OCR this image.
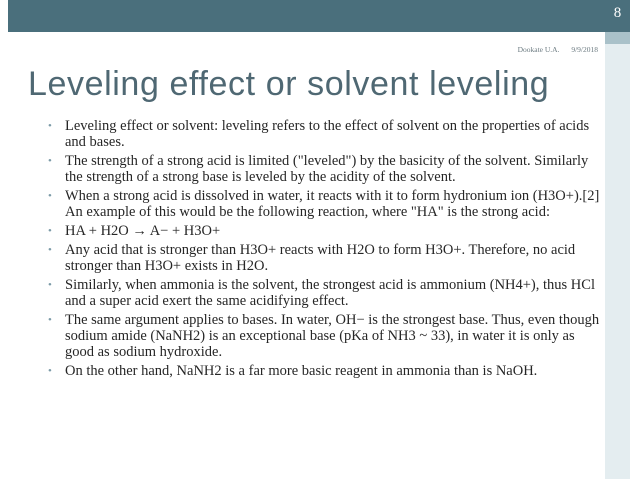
8
Dookate U.A. 9/9/2018
Leveling effect or solvent leveling
• Leveling effect or solvent: leveling refers to the effect of solvent on the properties of acids and bases.
• The strength of a strong acid is limited ("leveled") by the basicity of the solvent. Similarly the strength of a strong base is leveled by the acidity of the solvent.
• When a strong acid is dissolved in water, it reacts with it to form hydronium ion (H3O+).[2] An example of this would be the following reaction, where "HA" is the strong acid:
• HA + H2O → A− + H3O+
• Any acid that is stronger than H3O+ reacts with H2O to form H3O+. Therefore, no acid stronger than H3O+ exists in H2O.
• Similarly, when ammonia is the solvent, the strongest acid is ammonium (NH4+), thus HCl and a super acid exert the same acidifying effect.
• The same argument applies to bases. In water, OH− is the strongest base. Thus, even though sodium amide (NaNH2) is an exceptional base (pKa of NH3 ~ 33), in water it is only as good as sodium hydroxide.
• On the other hand, NaNH2 is a far more basic reagent in ammonia than is NaOH.
